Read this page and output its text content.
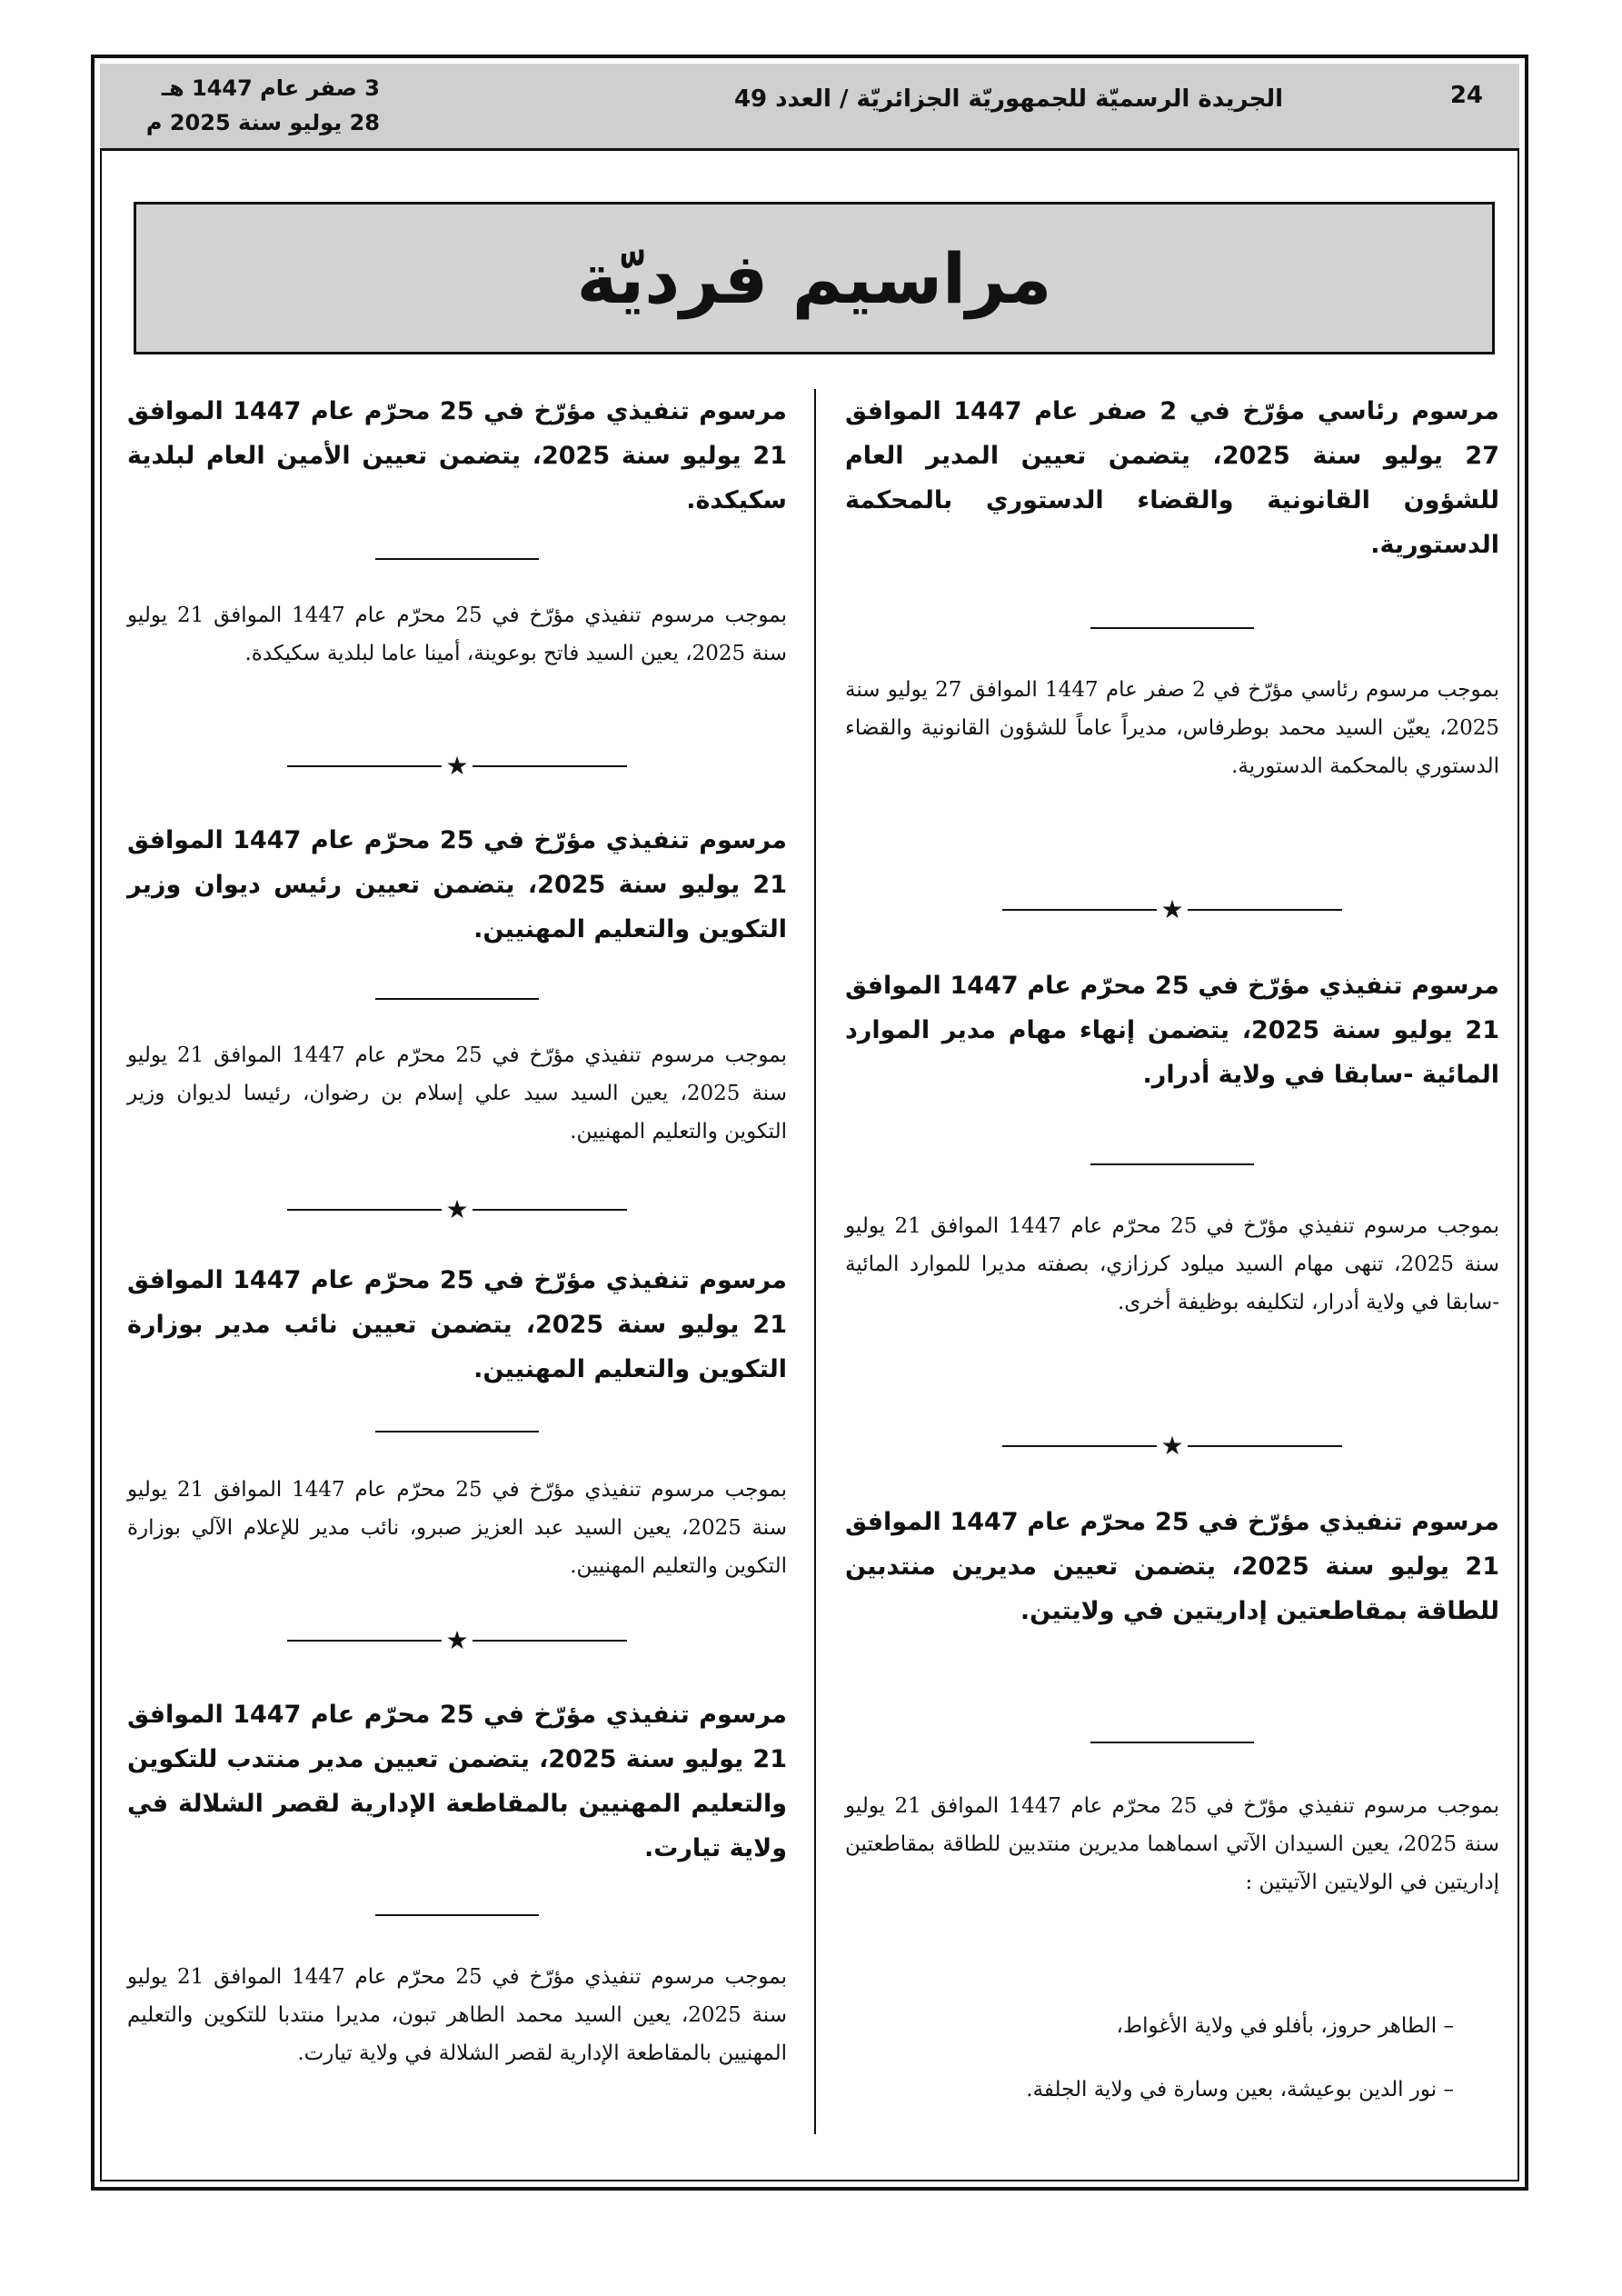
24
الجريدة الرسميّة للجمهوريّة الجزائريّة / العدد 49
3 صفر عام 1447 هـ
28 يوليو سنة 2025 م
مراسيم فرديّة

مرسوم رئاسي مؤرّخ في 2 صفر عام 1447 الموافق 27 يوليو سنة 2025، يتضمن تعيين المدير العام للشؤون القانونية والقضاء الدستوري بالمحكمة الدستورية.

بموجب مرسوم رئاسي مؤرّخ في 2 صفر عام 1447 الموافق 27 يوليو سنة 2025، يعيّن السيد محمد بوطرفاس، مديراً عاماً للشؤون القانونية والقضاء الدستوري بالمحكمة الدستورية.

★

مرسوم تنفيذي مؤرّخ في 25 محرّم عام 1447 الموافق 21 يوليو سنة 2025، يتضمن إنهاء مهام مدير الموارد المائية -سابقا في ولاية أدرار.

بموجب مرسوم تنفيذي مؤرّخ في 25 محرّم عام 1447 الموافق 21 يوليو سنة 2025، تنهى مهام السيد ميلود كرزازي، بصفته مديرا للموارد المائية -سابقا في ولاية أدرار، لتكليفه بوظيفة أخرى.

★

مرسوم تنفيذي مؤرّخ في 25 محرّم عام 1447 الموافق 21 يوليو سنة 2025، يتضمن تعيين مديرين منتدبين للطاقة بمقاطعتين إداريتين في ولايتين.

بموجب مرسوم تنفيذي مؤرّخ في 25 محرّم عام 1447 الموافق 21 يوليو سنة 2025، يعين السيدان الآتي اسماهما مديرين منتدبين للطاقة بمقاطعتين إداريتين في الولايتين الآتيتين :

– الطاهر حروز، بأفلو في ولاية الأغواط،
– نور الدين بوعيشة، بعين وسارة في ولاية الجلفة.

مرسوم تنفيذي مؤرّخ في 25 محرّم عام 1447 الموافق 21 يوليو سنة 2025، يتضمن تعيين الأمين العام لبلدية سكيكدة.

بموجب مرسوم تنفيذي مؤرّخ في 25 محرّم عام 1447 الموافق 21 يوليو سنة 2025، يعين السيد فاتح بوعوينة، أمينا عاما لبلدية سكيكدة.

★

مرسوم تنفيذي مؤرّخ في 25 محرّم عام 1447 الموافق 21 يوليو سنة 2025، يتضمن تعيين رئيس ديوان وزير التكوين والتعليم المهنيين.

بموجب مرسوم تنفيذي مؤرّخ في 25 محرّم عام 1447 الموافق 21 يوليو سنة 2025، يعين السيد سيد علي إسلام بن رضوان، رئيسا لديوان وزير التكوين والتعليم المهنيين.

★

مرسوم تنفيذي مؤرّخ في 25 محرّم عام 1447 الموافق 21 يوليو سنة 2025، يتضمن تعيين نائب مدير بوزارة التكوين والتعليم المهنيين.

بموجب مرسوم تنفيذي مؤرّخ في 25 محرّم عام 1447 الموافق 21 يوليو سنة 2025، يعين السيد عبد العزيز صبرو، نائب مدير للإعلام الآلي بوزارة التكوين والتعليم المهنيين.

★

مرسوم تنفيذي مؤرّخ في 25 محرّم عام 1447 الموافق 21 يوليو سنة 2025، يتضمن تعيين مدير منتدب للتكوين والتعليم المهنيين بالمقاطعة الإدارية لقصر الشلالة في ولاية تيارت.

بموجب مرسوم تنفيذي مؤرّخ في 25 محرّم عام 1447 الموافق 21 يوليو سنة 2025، يعين السيد محمد الطاهر تبون، مديرا منتدبا للتكوين والتعليم المهنيين بالمقاطعة الإدارية لقصر الشلالة في ولاية تيارت.
